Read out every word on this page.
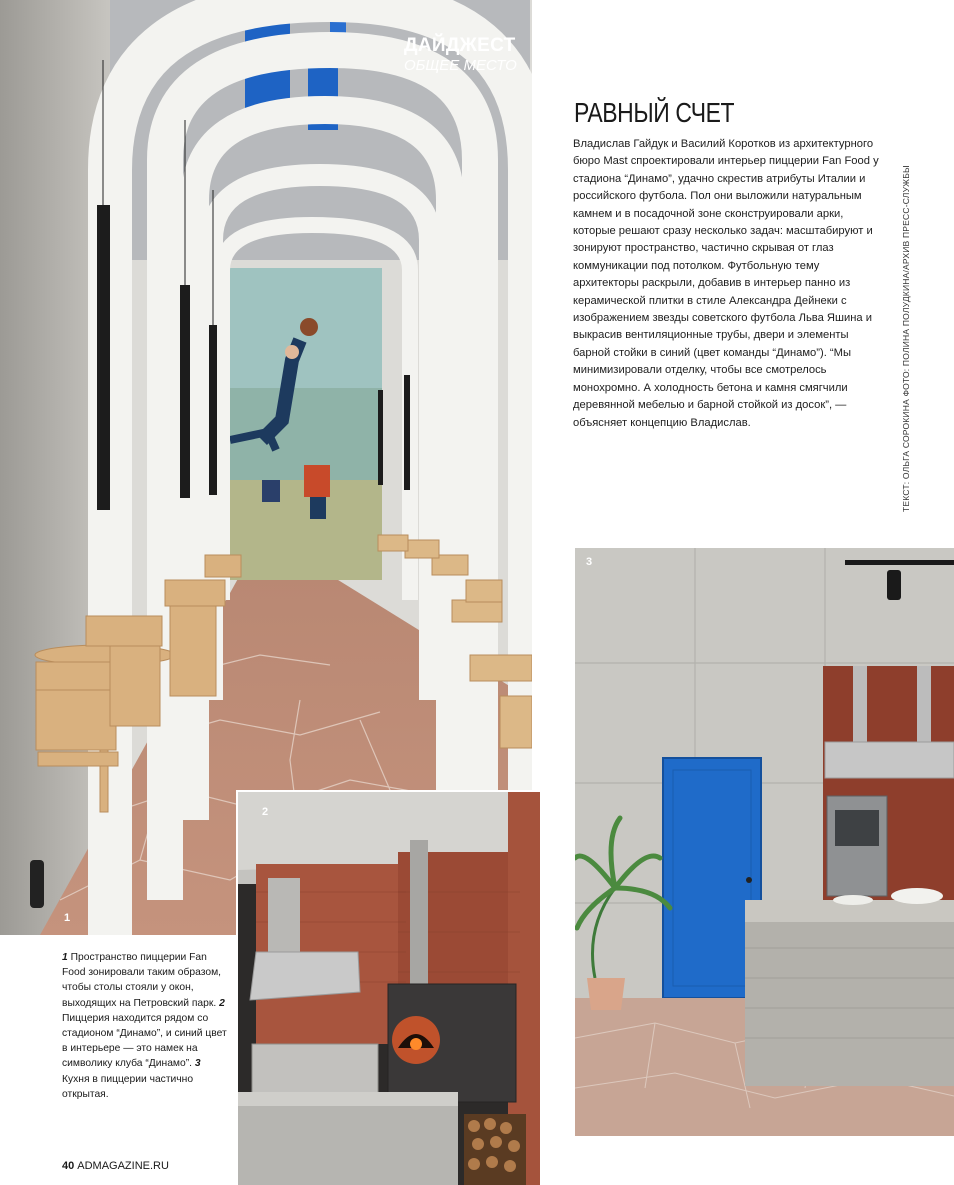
1
2
3
ДАЙДЖЕСТ
ОБЩЕЕ МЕСТО
РАВНЫЙ СЧЕТ
Владислав Гайдук и Василий Коротков из архитектурного бюро Mast спроектировали интерьер пиццерии Fan Food у стадиона “Динамо”, удачно скрестив атрибуты Италии и российского футбола. Пол они выложили натуральным камнем и в посадочной зоне сконструировали арки, которые решают сразу несколько задач: масштабируют и зонируют пространство, частично скрывая от глаз коммуникации под потолком. Футбольную тему архитекторы раскрыли, добавив в интерьер панно из керамической плитки в стиле Александра Дейнеки с изображением звезды советского футбола Льва Яшина и выкрасив вентиляционные трубы, двери и элементы барной стойки в синий (цвет команды “Динамо”). “Мы минимизировали отделку, чтобы все смотрелось монохромно. А холодность бетона и камня смягчили деревянной мебелью и барной стойкой из досок”, — объясняет концепцию Владислав.	ТЕКСТ: ОЛЬГА СОРОКИНА ФОТО: ПОЛИНА ПОЛУДКИНА/АРХИВ ПРЕСС-СЛУЖБЫ
1 Пространство пиццерии Fan Food зонировали таким образом, чтобы столы стояли у окон, выходящих на Петровский парк. 2 Пиццерия находится рядом со стадионом “Динамо”, и синий цвет в интерьере — это намек на символику клуба “Динамо”. 3 Кухня в пиццерии частично открытая.
40 ADMAGAZINE.RU
